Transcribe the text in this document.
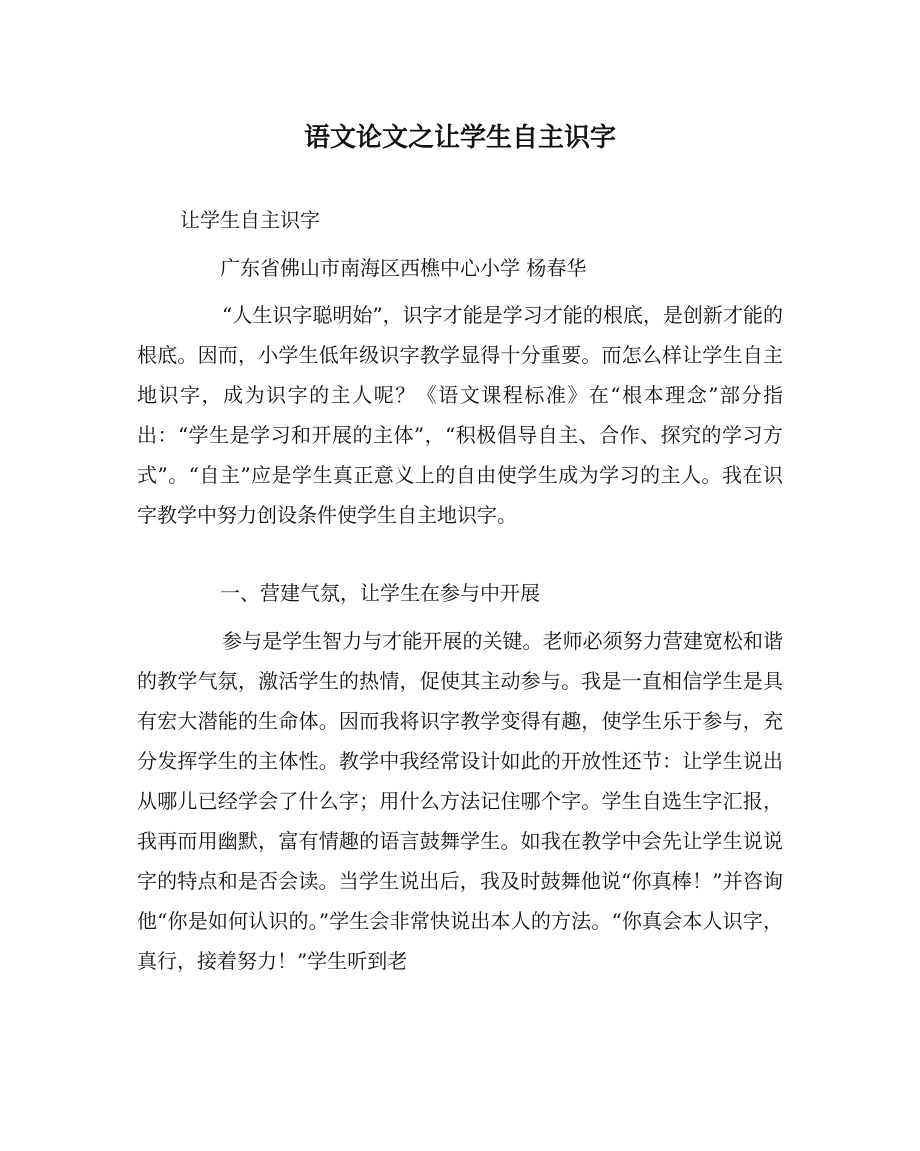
语文论文之让学生自主识字

让学生自主识字

广东省佛山市南海区西樵中心小学 杨春华

“人生识字聪明始”，识字才能是学习才能的根底，是创新才能的根底。因而，小学生低年级识字教学显得十分重要。而怎么样让学生自主地识字，成为识字的主人呢？《语文课程标准》在“根本理念”部分指出：“学生是学习和开展的主体”，“积极倡导自主、合作、探究的学习方式”。“自主”应是学生真正意义上的自由使学生成为学习的主人。我在识字教学中努力创设条件使学生自主地识字。

一、营建气氛，让学生在参与中开展

参与是学生智力与才能开展的关键。老师必须努力营建宽松和谐的教学气氛，激活学生的热情，促使其主动参与。我是一直相信学生是具有宏大潜能的生命体。因而我将识字教学变得有趣，使学生乐于参与，充分发挥学生的主体性。教学中我经常设计如此的开放性还节：让学生说出从哪儿已经学会了什么字；用什么方法记住哪个字。学生自选生字汇报，我再而用幽默，富有情趣的语言鼓舞学生。如我在教学中会先让学生说说字的特点和是否会读。当学生说出后，我及时鼓舞他说“你真棒！”并咨询他“你是如何认识的。”学生会非常快说出本人的方法。“你真会本人识字，真行，接着努力！”学生听到老
